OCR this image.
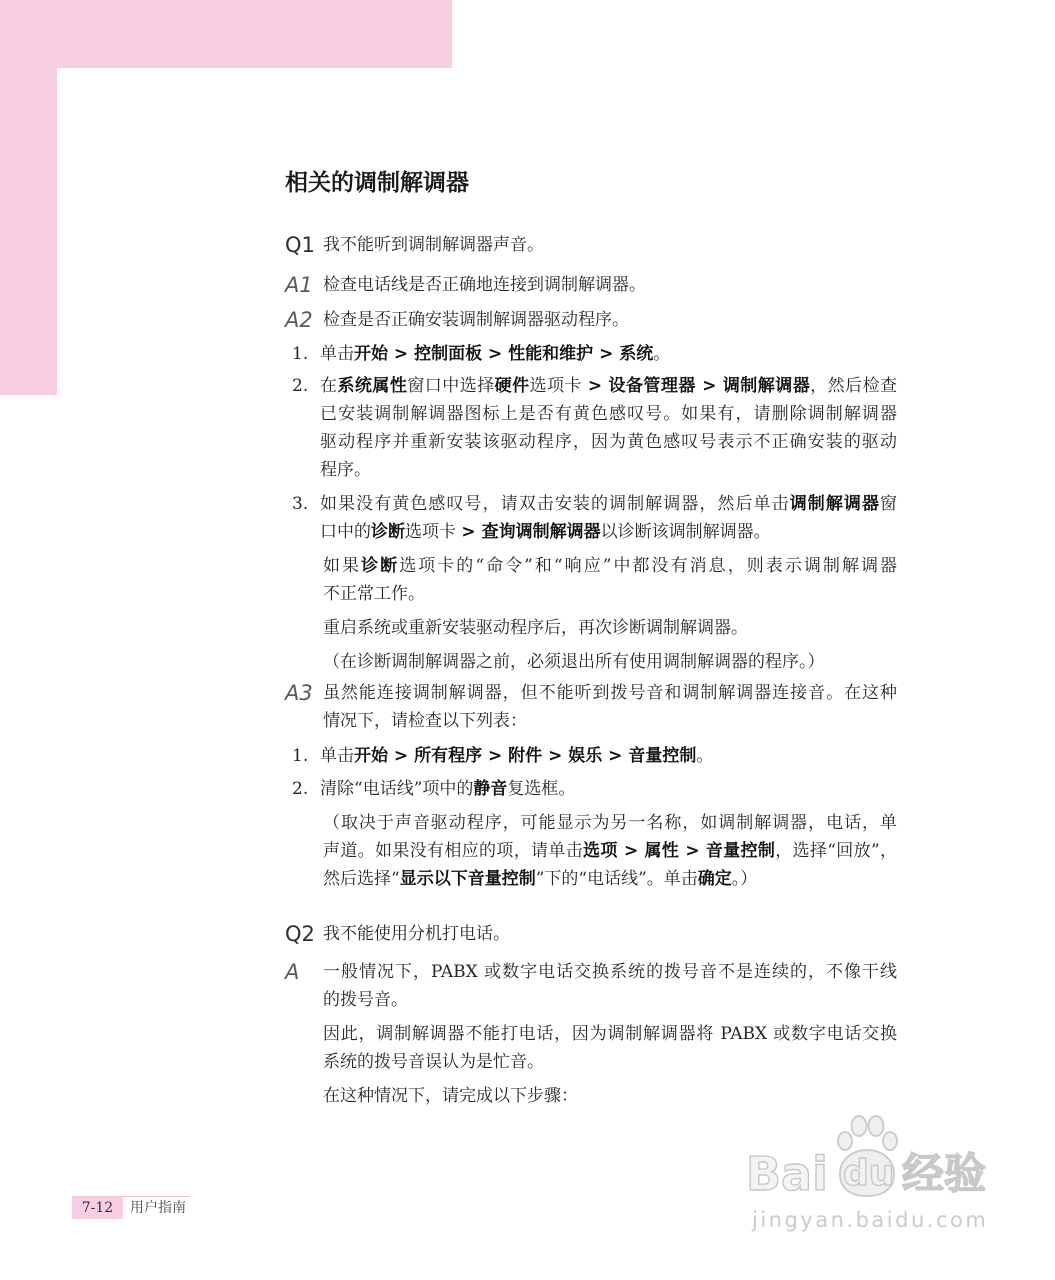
相关的调制解调器
Q1 我不能听到调制解调器声音。
A1 检查电话线是否正确地连接到调制解调器。
A2 检查是否正确安装调制解调器驱动程序。
1. 单击开始 > 控制面板 > 性能和维护 > 系统。
2. 在系统属性窗口中选择硬件选项卡 > 设备管理器 > 调制解调器，然后检查
已安装调制解调器图标上是否有黄色感叹号。如果有，请删除调制解调器
驱动程序并重新安装该驱动程序，因为黄色感叹号表示不正确安装的驱动
程序。
3. 如果没有黄色感叹号，请双击安装的调制解调器，然后单击调制解调器窗
口中的诊断选项卡 > 查询调制解调器以诊断该调制解调器。
如果诊断选项卡的“命令”和“响应”中都没有消息，则表示调制解调器
不正常工作。
重启系统或重新安装驱动程序后，再次诊断调制解调器。
（在诊断调制解调器之前，必须退出所有使用调制解调器的程序。）
A3 虽然能连接调制解调器，但不能听到拨号音和调制解调器连接音。在这种
情况下，请检查以下列表：
1. 单击开始 > 所有程序 > 附件 > 娱乐 > 音量控制。
2. 清除“电话线”项中的静音复选框。
（取决于声音驱动程序，可能显示为另一名称，如调制解调器，电话，单
声道。如果没有相应的项，请单击选项 > 属性 > 音量控制，选择“回放”，
然后选择“显示以下音量控制”下的“电话线”。单击确定。）
Q2 我不能使用分机打电话。
A 一般情况下，PABX 或数字电话交换系统的拨号音不是连续的，不像干线
的拨号音。
因此，调制解调器不能打电话，因为调制解调器将 PABX 或数字电话交换
系统的拨号音误认为是忙音。
在这种情况下，请完成以下步骤：
7-12	用户指南
Bai du 经验
jingyan.baidu.com
